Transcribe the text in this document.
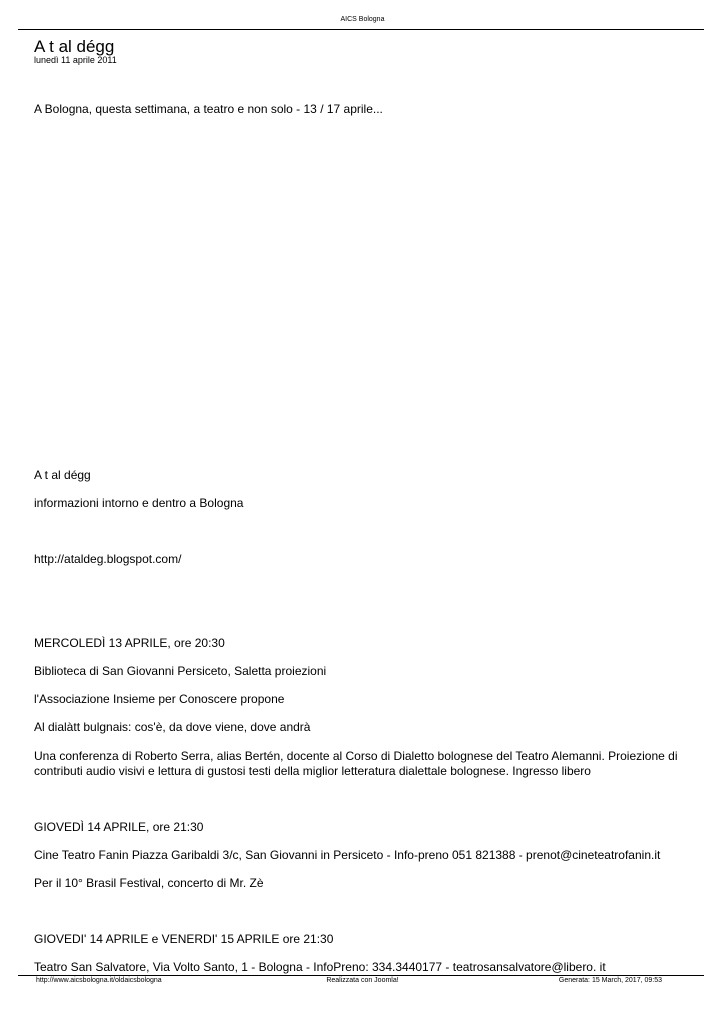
AICS Bologna
A t al dégg
lunedì 11 aprile 2011

A Bologna, questa settimana, a teatro e non solo - 13 / 17 aprile...

A t al dégg

informazioni intorno e dentro a Bologna

http://ataldeg.blogspot.com/

MERCOLEDÌ 13 APRILE, ore 20:30

Biblioteca di San Giovanni Persiceto, Saletta proiezioni

l'Associazione Insieme per Conoscere propone

Al dialàtt bulgnais: cos'è, da dove viene, dove andrà

Una conferenza di Roberto Serra, alias Bertén, docente al Corso di Dialetto bolognese del Teatro Alemanni. Proiezione di contributi audio visivi e lettura di gustosi testi della miglior letteratura dialettale bolognese. Ingresso libero

GIOVEDÌ 14 APRILE, ore 21:30

Cine Teatro Fanin Piazza Garibaldi 3/c, San Giovanni in Persiceto - Info-preno 051 821388 - prenot@cineteatrofanin.it

Per il 10° Brasil Festival, concerto di Mr. Zè

GIOVEDI' 14 APRILE e VENERDI' 15 APRILE ore 21:30

Teatro San Salvatore, Via Volto Santo, 1 - Bologna - InfoPreno: 334.3440177 - teatrosansalvatore@libero. it

http://www.aicsbologna.it/oldaicsbologna	Realizzata con Joomla!	Generata: 15 March, 2017, 09:53
